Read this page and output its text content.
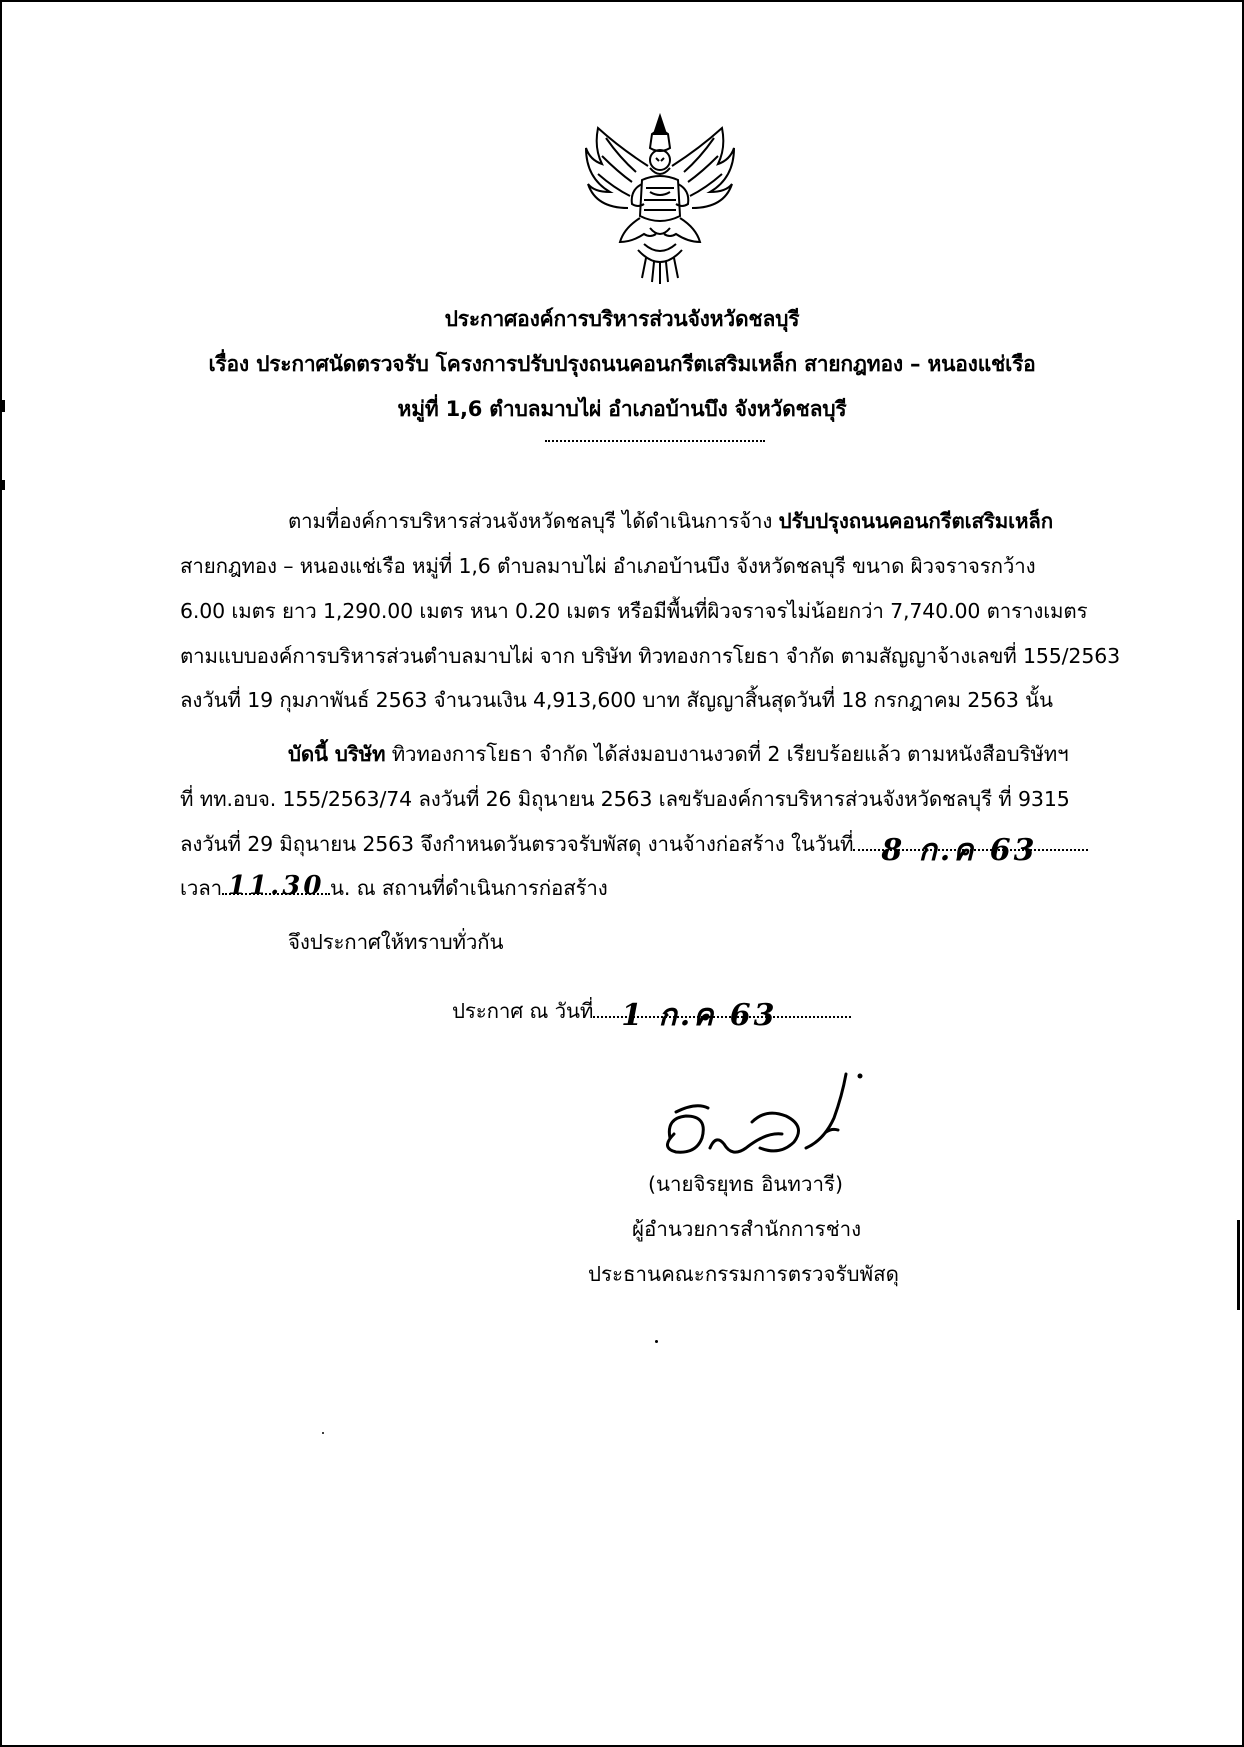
ประกาศองค์การบริหารส่วนจังหวัดชลบุรี
เรื่อง ประกาศนัดตรวจรับ โครงการปรับปรุงถนนคอนกรีตเสริมเหล็ก สายกฎทอง – หนองแช่เรือ
หมู่ที่ 1,6 ตำบลมาบไผ่ อำเภอบ้านบึง จังหวัดชลบุรี
ตามที่องค์การบริหารส่วนจังหวัดชลบุรี ได้ดำเนินการจ้าง ปรับปรุงถนนคอนกรีตเสริมเหล็ก
สายกฎทอง – หนองแช่เรือ หมู่ที่ 1,6 ตำบลมาบไผ่ อำเภอบ้านบึง จังหวัดชลบุรี ขนาด ผิวจราจรกว้าง
6.00 เมตร ยาว 1,290.00 เมตร หนา 0.20 เมตร หรือมีพื้นที่ผิวจราจรไม่น้อยกว่า 7,740.00 ตารางเมตร
ตามแบบองค์การบริหารส่วนตำบลมาบไผ่ จาก บริษัท ทิวทองการโยธา จำกัด ตามสัญญาจ้างเลขที่ 155/2563
ลงวันที่ 19 กุมภาพันธ์ 2563 จำนวนเงิน 4,913,600 บาท สัญญาสิ้นสุดวันที่ 18 กรกฎาคม 2563 นั้น
บัดนี้ บริษัท ทิวทองการโยธา จำกัด ได้ส่งมอบงานงวดที่ 2 เรียบร้อยแล้ว ตามหนังสือบริษัทฯ
ที่ ทท.อบจ. 155/2563/74 ลงวันที่ 26 มิถุนายน 2563 เลขรับองค์การบริหารส่วนจังหวัดชลบุรี ที่ 9315
ลงวันที่ 29 มิถุนายน 2563 จึงกำหนดวันตรวจรับพัสดุ งานจ้างก่อสร้าง ในวันที่ 8 ก.ค 63
เวลา 11.30 น. ณ สถานที่ดำเนินการก่อสร้าง
จึงประกาศให้ทราบทั่วกัน
ประกาศ ณ วันที่ 1 ก.ค 63
(นายจิรยุทธ อินทวารี)
ผู้อำนวยการสำนักการช่าง
ประธานคณะกรรมการตรวจรับพัสดุ
